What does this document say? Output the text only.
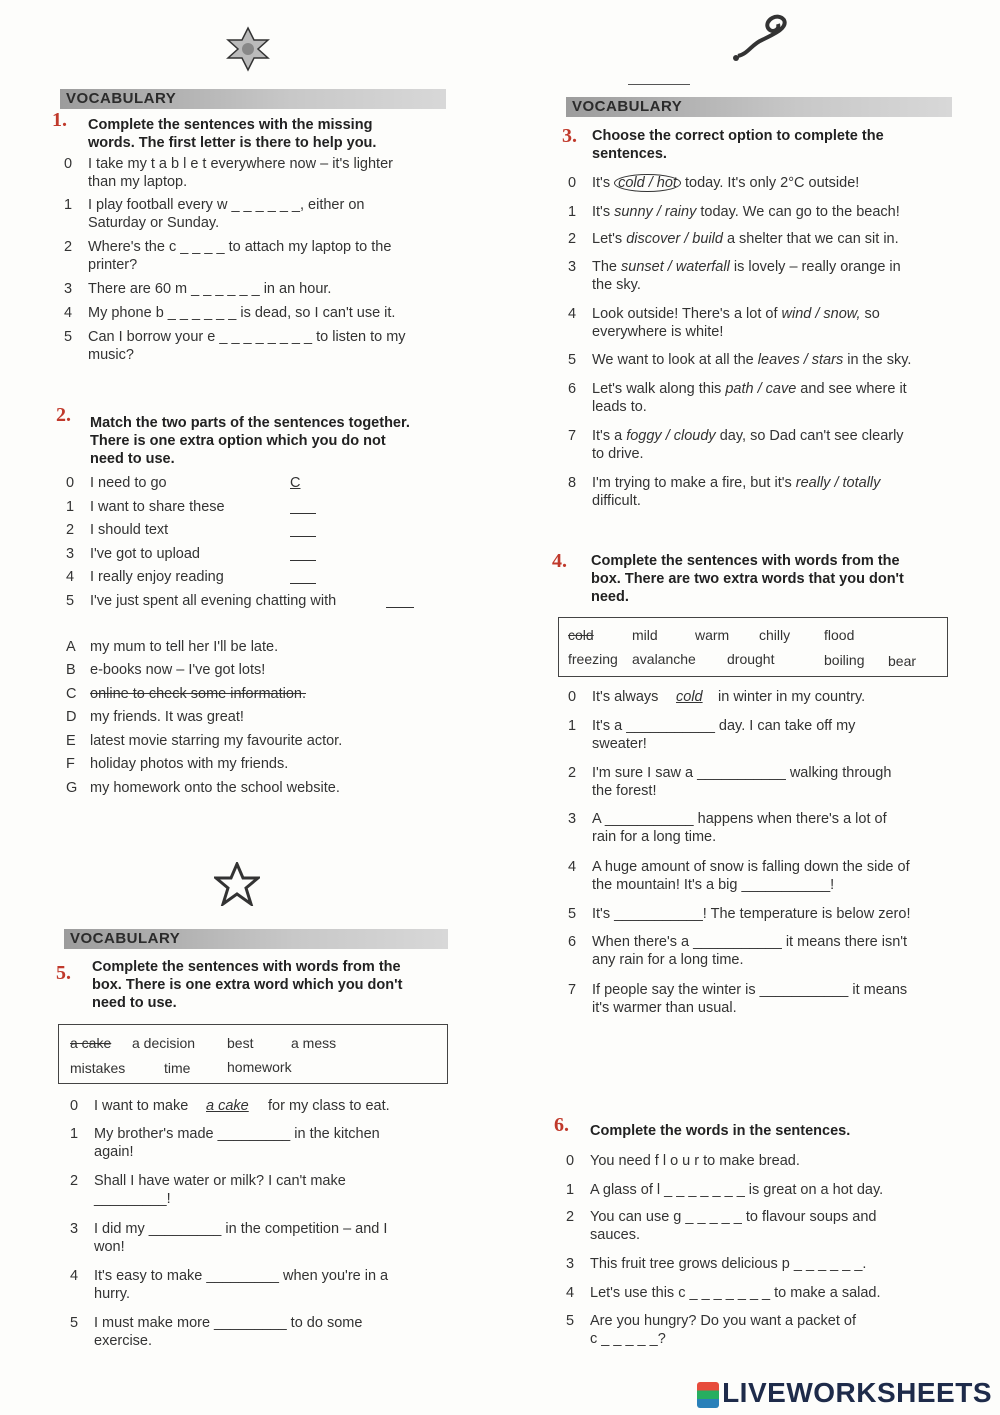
VOCABULARY
1. Complete the sentences with the missing
words. The first letter is there to help you.
0 I take my t a b l e t everywhere now – it's lighter
than my laptop.
1 I play football every w _ _ _ _ _ _, either on
Saturday or Sunday.
2 Where's the c _ _ _ _ to attach my laptop to the
printer?
3 There are 60 m _ _ _ _ _ _ in an hour.
4 My phone b _ _ _ _ _ _ is dead, so I can't use it.
5 Can I borrow your e _ _ _ _ _ _ _ _ to listen to my
music?
2. Match the two parts of the sentences together.
There is one extra option which you do not
need to use.
0 I need to go	C
1 I want to share these
2 I should text
3 I've got to upload
4 I really enjoy reading
5 I've just spent all evening chatting with
A my mum to tell her I'll be late.
B e-books now – I've got lots!
C online to check some information.
D my friends. It was great!
E latest movie starring my favourite actor.
F holiday photos with my friends.
G my homework onto the school website.
VOCABULARY
5. Complete the sentences with words from the
box. There is one extra word which you don't
need to use.
a cake a decision best	a mess
mistakes	time	homework
0 I want to make a cake for my class to eat.
1 My brother's made _________ in the kitchen
again!
2 Shall I have water or milk? I can't make
_________!
3 I did my _________ in the competition – and I
won!
4 It's easy to make _________ when you're in a
hurry.
5 I must make more _________ to do some
exercise.
VOCABULARY
3. Choose the correct option to complete the
sentences.
0 It's cold / hot today. It's only 2°C outside!
1 It's sunny / rainy today. We can go to the beach!
2 Let's discover / build a shelter that we can sit in.
3 The sunset / waterfall is lovely – really orange in
the sky.
4 Look outside! There's a lot of wind / snow, so
everywhere is white!
5 We want to look at all the leaves / stars in the sky.
6 Let's walk along this path / cave and see where it
leads to.
7 It's a foggy / cloudy day, so Dad can't see clearly
to drive.
8 I'm trying to make a fire, but it's really / totally
difficult.
4. Complete the sentences with words from the
box. There are two extra words that you don't
need.
cold	mild	warm chilly flood
freezing avalanche drought	boiling bear
0 It's always cold in winter in my country.
1 It's a ___________ day. I can take off my
sweater!
2 I'm sure I saw a ___________ walking through
the forest!
3 A ___________ happens when there's a lot of
rain for a long time.
4 A huge amount of snow is falling down the side of
the mountain! It's a big ___________!
5 It's ___________! The temperature is below zero!
6 When there's a ___________ it means there isn't
any rain for a long time.
7 If people say the winter is ___________ it means
it's warmer than usual.
6. Complete the words in the sentences.
0 You need f l o u r to make bread.
1 A glass of l _ _ _ _ _ _ _ is great on a hot day.
2 You can use g _ _ _ _ _ to flavour soups and
sauces.
3 This fruit tree grows delicious p _ _ _ _ _ _.
4 Let's use this c _ _ _ _ _ _ _ to make a salad.
5 Are you hungry? Do you want a packet of
c _ _ _ _ _?
LIVEWORKSHEETS
